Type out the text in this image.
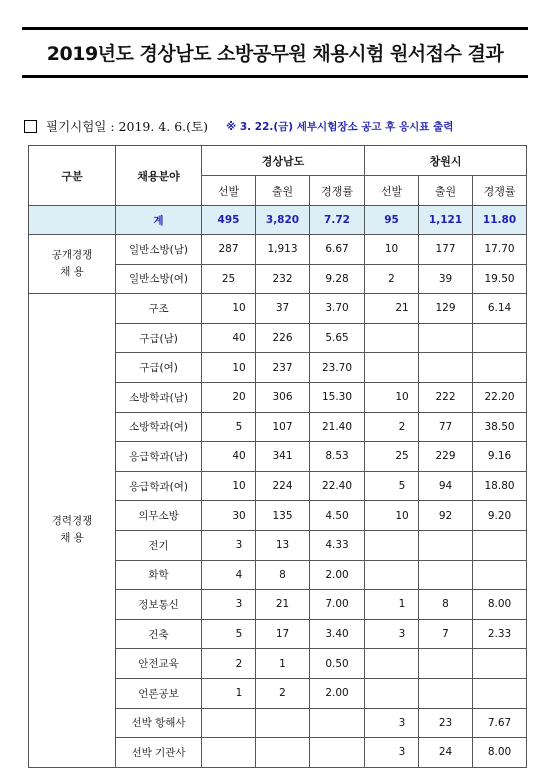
2019년도 경상남도 소방공무원 채용시험 원서접수 결과
필기시험일 : 2019. 4. 6.(토) ※ 3. 22.(금) 세부시험장소 공고 후 응시표 출력
구분	채용분야	경상남도			창원시		
		선발	출원	경쟁률	선발	출원	경쟁률
	계	495	3,820	7.72	95	1,121	11.80
공개경쟁
채 용	일반소방(남)	287	1,913	6.67	10	177	17.70
	일반소방(여)	25	232	9.28	2	39	19.50
경력경쟁
채 용	구조	10	37	3.70	21	129	6.14
	구급(남)	40	226	5.65			
	구급(여)	10	237	23.70			
	소방학과(남)	20	306	15.30	10	222	22.20
	소방학과(여)	5	107	21.40	2	77	38.50
	응급학과(남)	40	341	8.53	25	229	9.16
	응급학과(여)	10	224	22.40	5	94	18.80
	의무소방	30	135	4.50	10	92	9.20
	전기	3	13	4.33			
	화학	4	8	2.00			
	정보통신	3	21	7.00	1	8	8.00
	건축	5	17	3.40	3	7	2.33
	안전교육	2	1	0.50			
	언론공보	1	2	2.00			
	선박 항해사				3	23	7.67
	선박 기관사				3	24	8.00
